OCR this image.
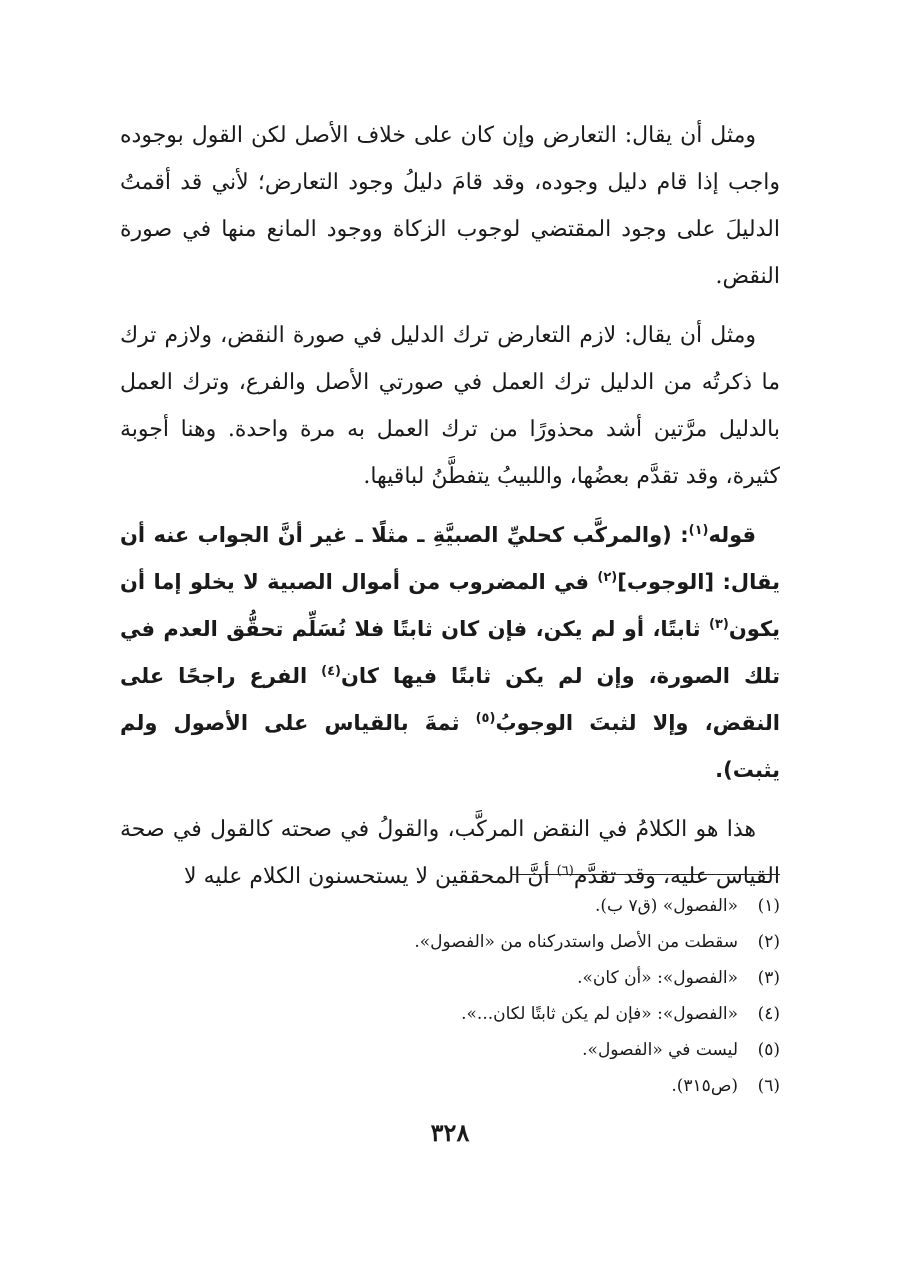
ومثل أن يقال: التعارض وإن كان على خلاف الأصل لكن القول بوجوده واجب إذا قام دليل وجوده، وقد قامَ دليلُ وجود التعارض؛ لأني قد أقمتُ الدليلَ على وجود المقتضي لوجوب الزكاة ووجود المانع منها في صورة النقض.

ومثل أن يقال: لازم التعارض ترك الدليل في صورة النقض، ولازم ترك ما ذكرتُه من الدليل ترك العمل في صورتي الأصل والفرع، وترك العمل بالدليل مرَّتين أشد محذورًا من ترك العمل به مرة واحدة. وهنا أجوبة كثيرة، وقد تقدَّم بعضُها، واللبيبُ يتفطَّنُ لباقيها.

قوله$^{(١)}$: (والمركَّب كحليِّ الصبيَّةِ ـ مثلًا ـ غير أنَّ الجواب عنه أن يقال: [الوجوب]$^{(٢)}$ في المضروب من أموال الصبية لا يخلو إما أن يكون$^{(٣)}$ ثابتًا، أو لم يكن، فإن كان ثابتًا فلا نُسَلِّم تحقُّق العدم في تلك الصورة، وإن لم يكن ثابتًا فيها كان$^{(٤)}$ الفرع راجحًا على النقض، وإلا لثبتَ الوجوبُ$^{(٥)}$ ثمةَ بالقياس على الأصول ولم يثبت).

هذا هو الكلامُ في النقض المركَّب، والقولُ في صحته كالقول في صحة القياس عليه، وقد تقدَّم$^{(٦)}$ أنَّ المحققين لا يستحسنون الكلام عليه لا

(١)«الفصول» (ق٧ ب).
(٢)سقطت من الأصل واستدركناه من «الفصول».
(٣)«الفصول»: «أن كان».
(٤)«الفصول»: «فإن لم يكن ثابتًا لكان...».
(٥)ليست في «الفصول».
(٦)(ص٣١٥).
٣٢٨
